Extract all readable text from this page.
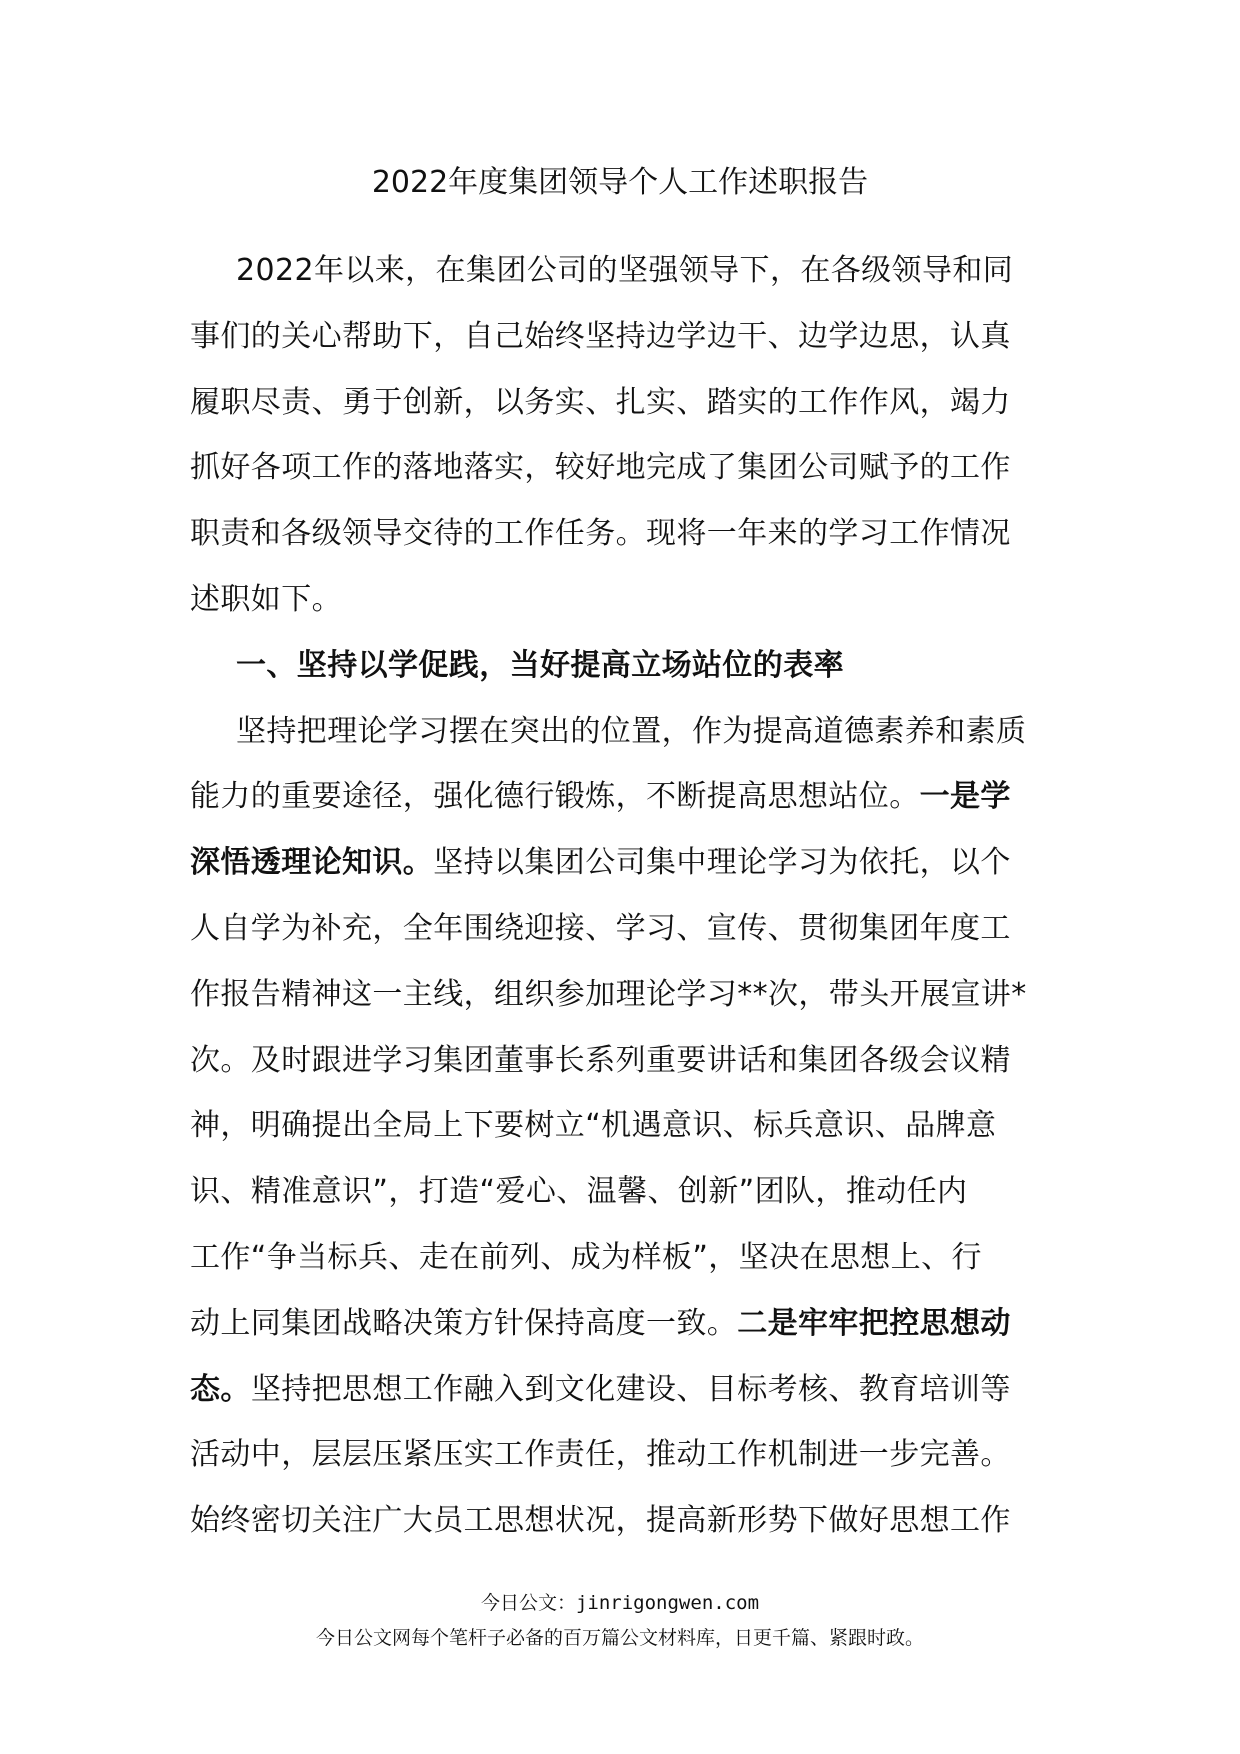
2022年度集团领导个人工作述职报告
2022年以来，在集团公司的坚强领导下，在各级领导和同
事们的关心帮助下，自己始终坚持边学边干、边学边思，认真
履职尽责、勇于创新，以务实、扎实、踏实的工作作风，竭力
抓好各项工作的落地落实，较好地完成了集团公司赋予的工作
职责和各级领导交待的工作任务。现将一年来的学习工作情况
述职如下。
一、坚持以学促践，当好提高立场站位的表率
坚持把理论学习摆在突出的位置，作为提高道德素养和素质
能力的重要途径，强化德行锻炼，不断提高思想站位。一是学
深悟透理论知识。坚持以集团公司集中理论学习为依托，以个
人自学为补充，全年围绕迎接、学习、宣传、贯彻集团年度工
作报告精神这一主线，组织参加理论学习**次，带头开展宣讲*
次。及时跟进学习集团董事长系列重要讲话和集团各级会议精
神，明确提出全局上下要树立“机遇意识、标兵意识、品牌意
识、精准意识”，打造“爱心、温馨、创新”团队，推动任内
工作“争当标兵、走在前列、成为样板”，坚决在思想上、行
动上同集团战略决策方针保持高度一致。二是牢牢把控思想动
态。坚持把思想工作融入到文化建设、目标考核、教育培训等
活动中，层层压紧压实工作责任，推动工作机制进一步完善。
始终密切关注广大员工思想状况，提高新形势下做好思想工作
今日公文：jinrigongwen.com
今日公文网每个笔杆子必备的百万篇公文材料库，日更千篇、紧跟时政。
